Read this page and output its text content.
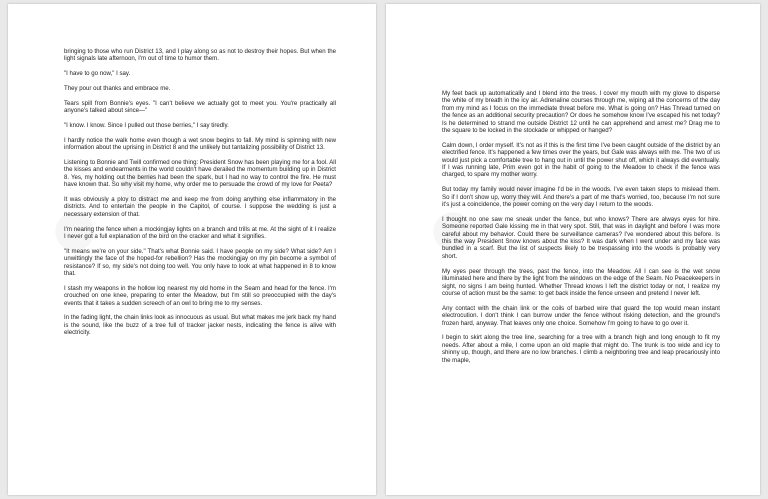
bringing to those who run District 13, and I play along so as not to destroy their hopes. But when the light signals late afternoon, I'm out of time to humor them.

"I have to go now," I say.

They pour out thanks and embrace me.

Tears spill from Bonnie's eyes. "I can't believe we actually got to meet you. You're practically all anyone's talked about since—"

"I know. I know. Since I pulled out those berries," I say tiredly.

I hardly notice the walk home even though a wet snow begins to fall. My mind is spinning with new information about the uprising in District 8 and the unlikely but tantalizing possibility of District 13.

Listening to Bonnie and Twill confirmed one thing: President Snow has been playing me for a fool. All the kisses and endearments in the world couldn't have derailed the momentum building up in District 8. Yes, my holding out the berries had been the spark, but I had no way to control the fire. He must have known that. So why visit my home, why order me to persuade the crowd of my love for Peeta?

It was obviously a ploy to distract me and keep me from doing anything else inflammatory in the districts. And to entertain the people in the Capitol, of course. I suppose the wedding is just a necessary extension of that.

I'm nearing the fence when a mockingjay lights on a branch and trills at me. At the sight of it I realize I never got a full explanation of the bird on the cracker and what it signifies.

"It means we're on your side." That's what Bonnie said. I have people on my side? What side? Am I unwittingly the face of the hoped-for rebellion? Has the mockingjay on my pin become a symbol of resistance? If so, my side's not doing too well. You only have to look at what happened in 8 to know that.

I stash my weapons in the hollow log nearest my old home in the Seam and head for the fence. I'm crouched on one knee, preparing to enter the Meadow, but I'm still so preoccupied with the day's events that it takes a sudden screech of an owl to bring me to my senses.

In the fading light, the chain links look as innocuous as usual. But what makes me jerk back my hand is the sound, like the buzz of a tree full of tracker jacker nests, indicating the fence is alive with electricity.

My feet back up automatically and I blend into the trees. I cover my mouth with my glove to disperse the white of my breath in the icy air. Adrenaline courses through me, wiping all the concerns of the day from my mind as I focus on the immediate threat before me. What is going on? Has Thread turned on the fence as an additional security precaution? Or does he somehow know I've escaped his net today? Is he determined to strand me outside District 12 until he can apprehend and arrest me? Drag me to the square to be locked in the stockade or whipped or hanged?

Calm down, I order myself. It's not as if this is the first time I've been caught outside of the district by an electrified fence. It's happened a few times over the years, but Gale was always with me. The two of us would just pick a comfortable tree to hang out in until the power shut off, which it always did eventually. If I was running late, Prim even got in the habit of going to the Meadow to check if the fence was charged, to spare my mother worry.

But today my family would never imagine I'd be in the woods. I've even taken steps to mislead them. So if I don't show up, worry they will. And there's a part of me that's worried, too, because I'm not sure it's just a coincidence, the power coming on the very day I return to the woods.

I thought no one saw me sneak under the fence, but who knows? There are always eyes for hire. Someone reported Gale kissing me in that very spot. Still, that was in daylight and before I was more careful about my behavior. Could there be surveillance cameras? I've wondered about this before. Is this the way President Snow knows about the kiss? It was dark when I went under and my face was bundled in a scarf. But the list of suspects likely to be trespassing into the woods is probably very short.

My eyes peer through the trees, past the fence, into the Meadow. All I can see is the wet snow illuminated here and there by the light from the windows on the edge of the Seam. No Peacekeepers in sight, no signs I am being hunted. Whether Thread knows I left the district today or not, I realize my course of action must be the same: to get back inside the fence unseen and pretend I never left.

Any contact with the chain link or the coils of barbed wire that guard the top would mean instant electrocution. I don't think I can burrow under the fence without risking detection, and the ground's frozen hard, anyway. That leaves only one choice. Somehow I'm going to have to go over it.

I begin to skirt along the tree line, searching for a tree with a branch high and long enough to fit my needs. After about a mile, I come upon an old maple that might do. The trunk is too wide and icy to shinny up, though, and there are no low branches. I climb a neighboring tree and leap precariously into the maple,
